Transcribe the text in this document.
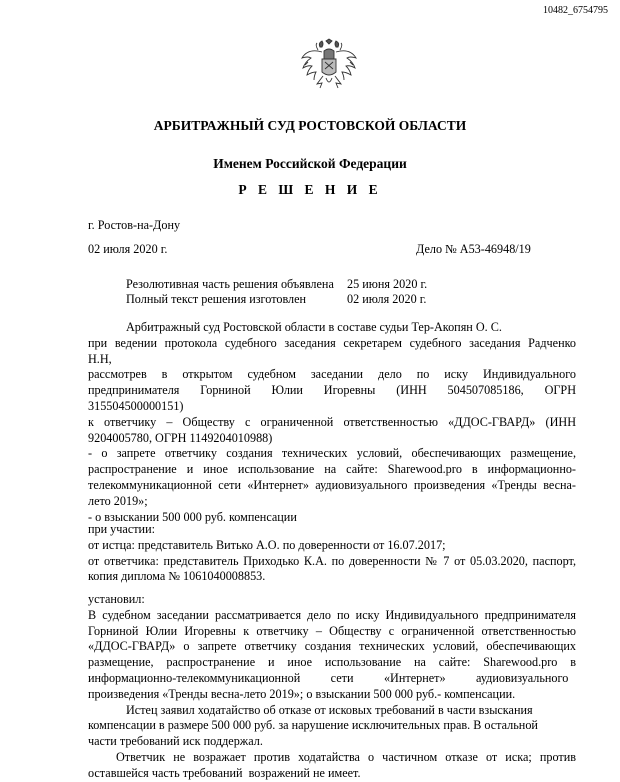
10482_6754795
АРБИТРАЖНЫЙ СУД РОСТОВСКОЙ ОБЛАСТИ
Именем Российской Федерации
Р Е Ш Е Н И Е
г. Ростов-на-Дону
02 июля 2020 г.	Дело № А53-46948/19
Резолютивная часть решения объявлена 25 июня 2020 г.
Полный текст решения изготовлен	02 июля 2020 г.
Арбитражный суд Ростовской области в составе судьи Тер-Акопян О. С.
при ведении протокола судебного заседания секретарем судебного заседания Радченко
Н.Н,
рассмотрев в открытом судебном заседании дело по иску Индивидуального
предпринимателя Горниной Юлии Игоревны (ИНН 504507085186, ОГРН
315504500000151)
к ответчику – Обществу с ограниченной ответственностью «ДДОС-ГВАРД» (ИНН
9204005780, ОГРН 1149204010988)
- о запрете ответчику создания технических условий, обеспечивающих размещение,
распространение и иное использование на сайте: Sharewood.pro в информационно-
телекоммуникационной сети «Интернет» аудиовизуального произведения «Тренды весна-
лето 2019»;
- о взыскании 500 000 руб. компенсации
при участии:
от истца: представитель Витько А.О. по доверенности от 16.07.2017;
от ответчика: представитель Приходько К.А. по доверенности № 7 от 05.03.2020, паспорт,
копия диплома № 1061040008853.
установил:
В судебном заседании рассматривается дело по иску Индивидуального предпринимателя
Горниной Юлии Игоревны к ответчику – Обществу с ограниченной ответственностью
«ДДОС-ГВАРД» о запрете ответчику создания технических условий, обеспечивающих
размещение, распространение и иное использование на сайте: Sharewood.pro в
информационно-телекоммуникационной          сети          «Интернет»          аудиовизуального
произведения «Тренды весна-лето 2019»; о взыскании 500 000 руб.- компенсации.
Истец заявил ходатайство об отказе от исковых требований в части взыскания
компенсации в размере 500 000 руб. за нарушение исключительных прав. В остальной
части требований иск поддержал.
Ответчик не возражает против ходатайства о частичном отказе от иска; против
оставшейся часть требований  возражений не имеет.
